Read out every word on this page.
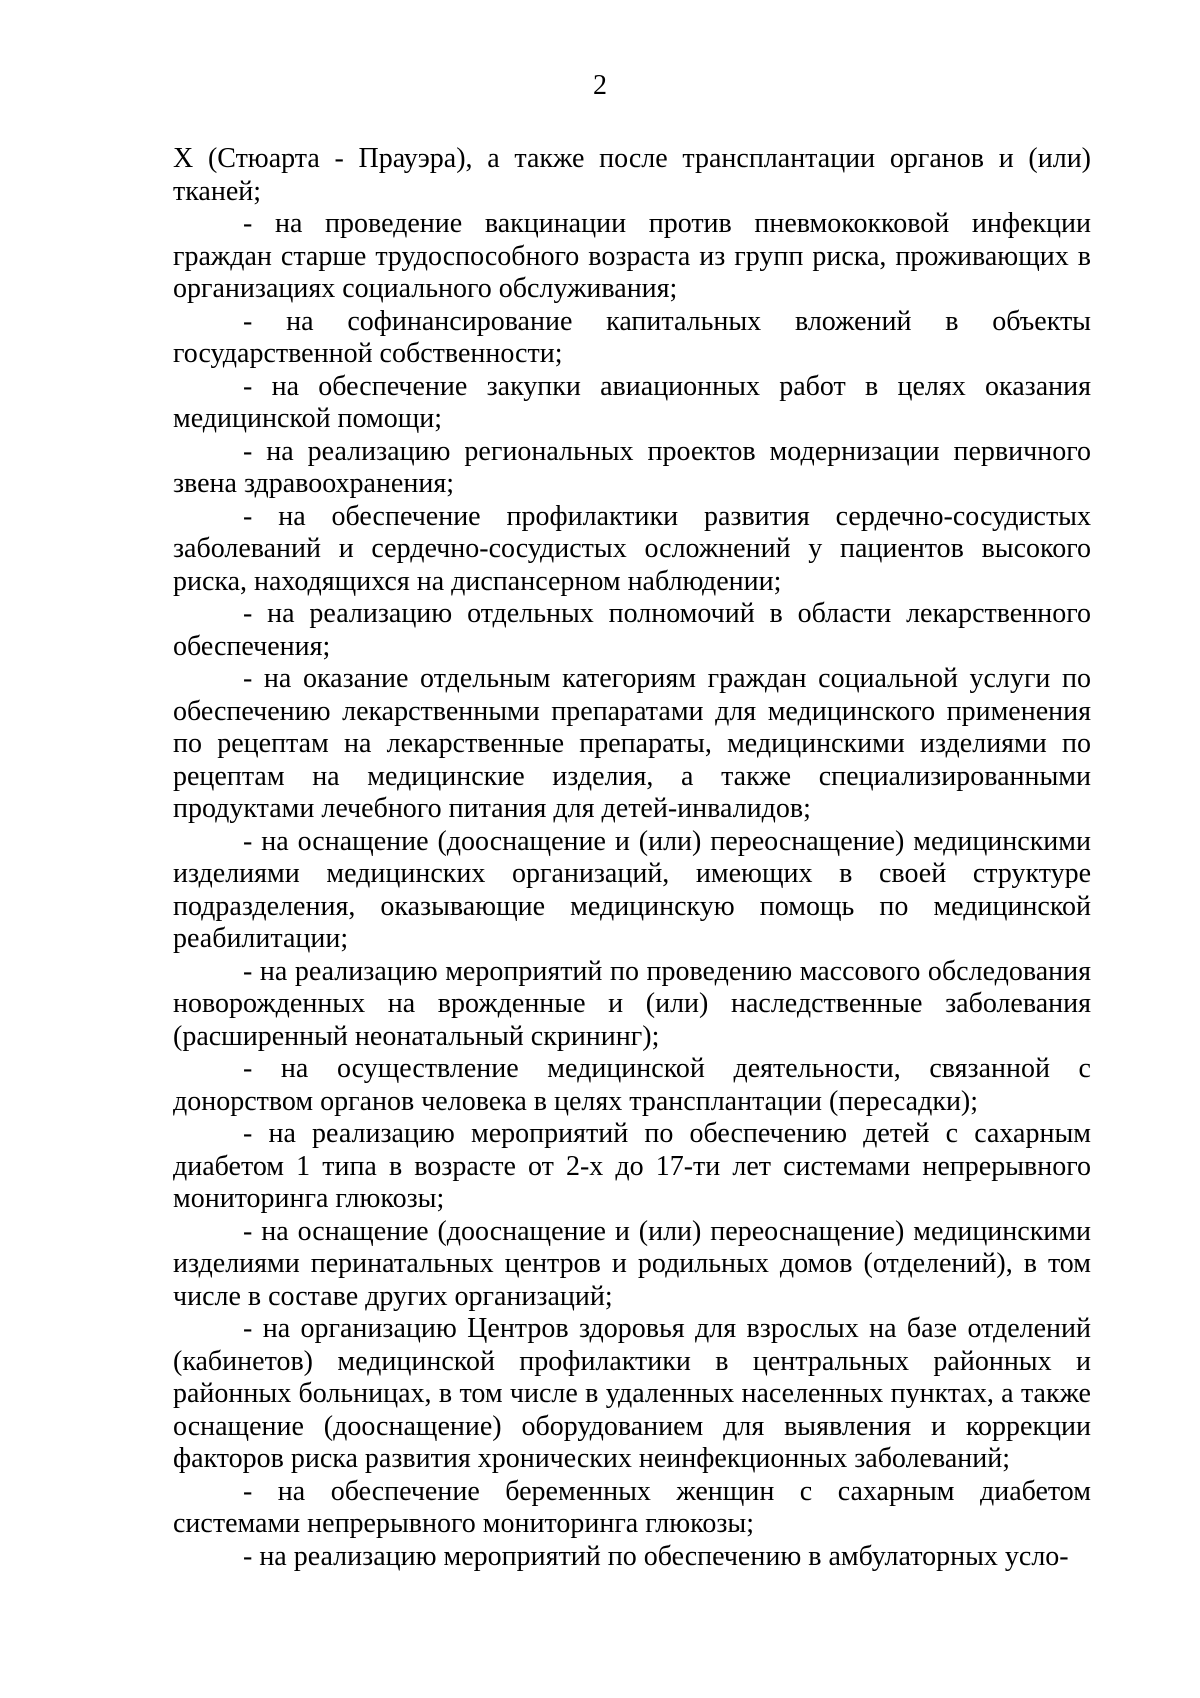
2

Х (Стюарта - Прауэра), а также после трансплантации органов и (или) тканей;

- на проведение вакцинации против пневмококковой инфекции граждан старше трудоспособного возраста из групп риска, проживающих в организациях социального обслуживания;

- на софинансирование капитальных вложений в объекты государственной собственности;

- на обеспечение закупки авиационных работ в целях оказания медицинской помощи;

- на реализацию региональных проектов модернизации первичного звена здравоохранения;

- на обеспечение профилактики развития сердечно-сосудистых заболеваний и сердечно-сосудистых осложнений у пациентов высокого риска, находящихся на диспансерном наблюдении;

- на реализацию отдельных полномочий в области лекарственного обеспечения;

- на оказание отдельным категориям граждан социальной услуги по обеспечению лекарственными препаратами для медицинского применения по рецептам на лекарственные препараты, медицинскими изделиями по рецептам на медицинские изделия, а также специализированными продуктами лечебного питания для детей-инвалидов;

- на оснащение (дооснащение и (или) переоснащение) медицинскими изделиями медицинских организаций, имеющих в своей структуре подразделения, оказывающие медицинскую помощь по медицинской реабилитации;

- на реализацию мероприятий по проведению массового обследования новорожденных на врожденные и (или) наследственные заболевания (расширенный неонатальный скрининг);

- на осуществление медицинской деятельности, связанной с донорством органов человека в целях трансплантации (пересадки);

- на реализацию мероприятий по обеспечению детей с сахарным диабетом 1 типа в возрасте от 2-х до 17-ти лет системами непрерывного мониторинга глюкозы;

- на оснащение (дооснащение и (или) переоснащение) медицинскими изделиями перинатальных центров и родильных домов (отделений), в том числе в составе других организаций;

- на организацию Центров здоровья для взрослых на базе отделений (кабинетов) медицинской профилактики в центральных районных и районных больницах, в том числе в удаленных населенных пунктах, а также оснащение (дооснащение) оборудованием для выявления и коррекции факторов риска развития хронических неинфекционных заболеваний;

- на обеспечение беременных женщин с сахарным диабетом системами непрерывного мониторинга глюкозы;

- на реализацию мероприятий по обеспечению в амбулаторных усло-
